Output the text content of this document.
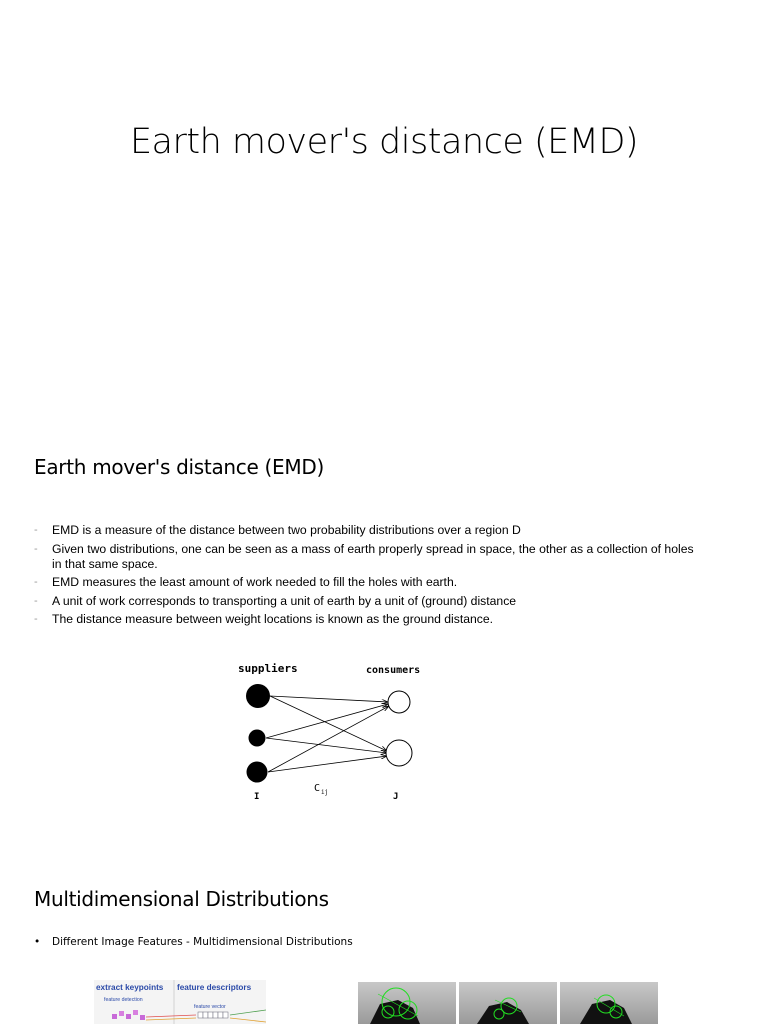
Earth mover's distance (EMD)
Earth mover's distance (EMD)
- EMD is a measure of the distance between two probability distributions over a region D
- Given two distributions, one can be seen as a mass of earth properly spread in space, the other as a collection of holes in that same space.
- EMD measures the least amount of work needed to fill the holes with earth.
- A unit of work corresponds to transporting a unit of earth by a unit of (ground) distance
- The distance measure between weight locations is known as the ground distance.
suppliers	consumers
I	J
C ij
Multidimensional Distributions
• Different Image Features - Multidimensional Distributions
extract keypoints feature descriptors
feature detection
feature vector
